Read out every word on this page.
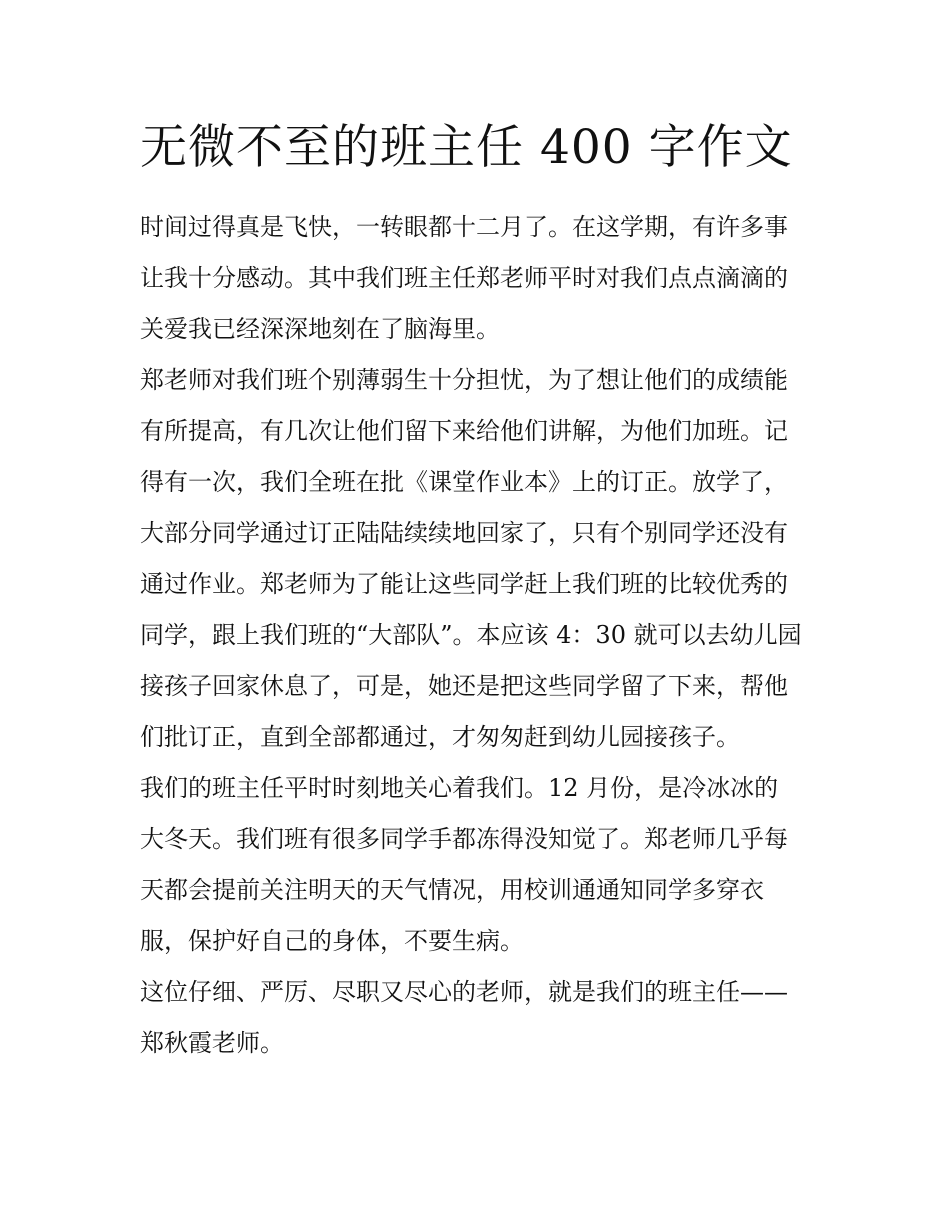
无微不至的班主任 400 字作文
时间过得真是飞快，一转眼都十二月了。在这学期，有许多事
让我十分感动。其中我们班主任郑老师平时对我们点点滴滴的
关爱我已经深深地刻在了脑海里。
郑老师对我们班个别薄弱生十分担忧，为了想让他们的成绩能
有所提高，有几次让他们留下来给他们讲解，为他们加班。记
得有一次，我们全班在批《课堂作业本》上的订正。放学了，
大部分同学通过订正陆陆续续地回家了，只有个别同学还没有
通过作业。郑老师为了能让这些同学赶上我们班的比较优秀的
同学，跟上我们班的“大部队”。本应该 4：30 就可以去幼儿园
接孩子回家休息了，可是，她还是把这些同学留了下来，帮他
们批订正，直到全部都通过，才匆匆赶到幼儿园接孩子。
我们的班主任平时时刻地关心着我们。12 月份，是冷冰冰的
大冬天。我们班有很多同学手都冻得没知觉了。郑老师几乎每
天都会提前关注明天的天气情况，用校训通通知同学多穿衣
服，保护好自己的身体，不要生病。
这位仔细、严厉、尽职又尽心的老师，就是我们的班主任——
郑秋霞老师。
